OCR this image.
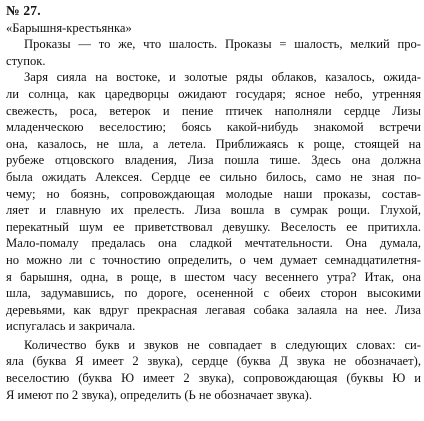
№ 27.
«Барышня-крестьянка»
Проказы — то же, что шалость. Проказы = шалость, мелкий про-
ступок.
Заря сияла на востоке, и золотые ряды облаков, казалось, ожида-
ли солнца, как царедворцы ожидают государя; ясное небо, утренняя
свежесть, роса, ветерок и пение птичек наполняли сердце Лизы
младенческою веселостию; боясь какой-нибудь знакомой встречи
она, казалось, не шла, а летела. Приближаясь к роще, стоящей на
рубеже отцовского владения, Лиза пошла тише. Здесь она должна
была ожидать Алексея. Сердце ее сильно билось, само не зная по-
чему; но боязнь, сопровождающая молодые наши проказы, состав-
ляет и главную их прелесть. Лиза вошла в сумрак рощи. Глухой,
перекатный шум ее приветствовал девушку. Веселость ее притихла.
Мало-помалу предалась она сладкой мечтательности. Она думала,
но можно ли с точностию определить, о чем думает семнадцатилетня-
я барышня, одна, в роще, в шестом часу весеннего утра? Итак, она
шла, задумавшись, по дороге, осененной с обеих сторон высокими
деревьями, как вдруг прекрасная легавая собака залаяла на нее. Лиза
испугалась и закричала.
Количество букв и звуков не совпадает в следующих словах: си-
яла (буква Я имеет 2 звука), сердце (буква Д звука не обозначает),
веселостию (буква Ю имеет 2 звука), сопровождающая (буквы Ю и
Я имеют по 2 звука), определить (Ь не обозначает звука).
